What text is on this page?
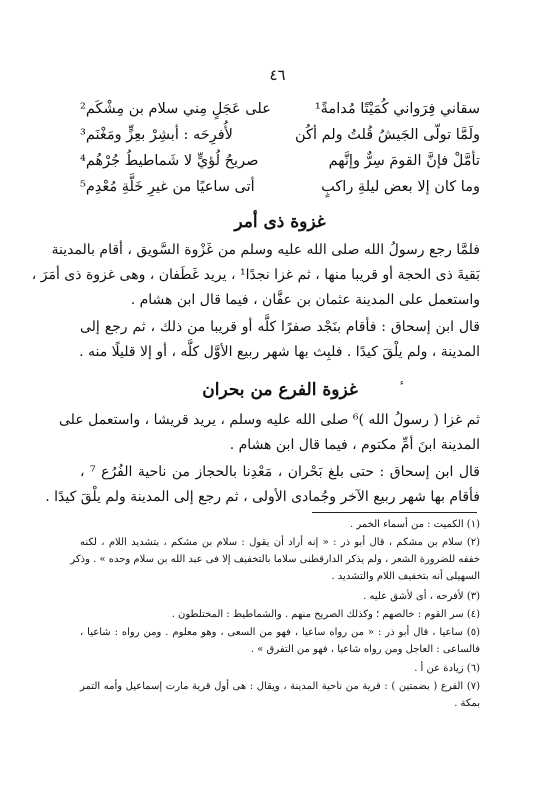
٤٦
سقاني فِرَواني كُمَيْتًا مُدامةً¹
على عَجَلٍ مِني سلام بن مِشْكَم²
ولَمَّا تولّى الجَيشُ قُلتُ ولم أكُن
لأُفرِحَه : أبشِرْ بعِزٍّ ومَغْنَم³
تأمَّلْ فإنَّ القومَ سِرٌّ وإنَّهم
صريحُ لُؤيٍّ لا شَماطيطُ جُرْهُم⁴
وما كان إلا بعض ليلةِ راكبٍ
أتى ساعيًا من غيرِ خَلَّةِ مُعْدِم⁵
غزوة ذى أمر
فلمَّا رجع رسولُ الله صلى الله عليه وسلم من غَزْوة السَّويق ، أقام بالمدينة
بَقيةَ ذى الحجة أو قريبا منها ، ثم غزا نجدًا¹ ، يريد غَطَفان ، وهى غزوة ذى أمَرَ ،
واستعمل على المدينة عثمان بن عفَّان ، فيما قال ابن هشام .
قال ابن إسحاق : فأقام بنَجْد صفرًا كلَّه أو قريبا من ذلك ، ثم رجع إلى
المدينة ، ولم يلْقَ كيدًا . فلبِث بها شهر ربيع الأوَّل كلَّه ، أو إلا قليلًا منه .
ء
غزوة الفرع من بحران
ثم غزا ( رسولُ الله )⁶ صلى الله عليه وسلم ، يريد قريشا ، واستعمل على
المدينة ابنَ أمِّ مكتوم ، فيما قال ابن هشام .
قال ابن إسحاق : حتى بلغ بَحْران ، مَعْدِنا بالحجاز من ناحية الفُرُع ⁷ ،
فأقام بها شهر ربيع الآخر وجُمادى الأولى ، ثم رجع إلى المدينة ولم يلْقَ كيدًا .
(١) الكميت : من أسماء الخمر .
(٢) سلام بن مشكم ، قال أبو ذر : « إنه أراد أن يقول : سلام بن مشكم ، بتشديد اللام ، لكنه
خففه للضرورة الشعر ، ولم يذكر الدارقطنى سلاما بالتخفيف إلا فى عبد الله بن سلام وحده » . وذكر
السهيلى أنه بتخفيف اللام والتشديد .
(٣) لأفرحه ، أى لأشق عليه .
(٤) سر القوم : خالصهم ؛ وكذلك الصريح منهم . والشماطيط : المختلطون .
(٥) ساعيا ، قال أبو ذر : « من رواه ساعيا ، فهو من السعى ، وهو معلوم . ومن رواه : شاعيا ،
فالساعى : العاجل ومن رواه شاعيا ، فهو من التفرق » .
(٦) زيادة عن أ .
(٧) الفرع ( بضمتين ) : قرية من ناحية المدينة ، ويقال : هى أول قرية مارت إسماعيل وأمه التمر
بمكة .
